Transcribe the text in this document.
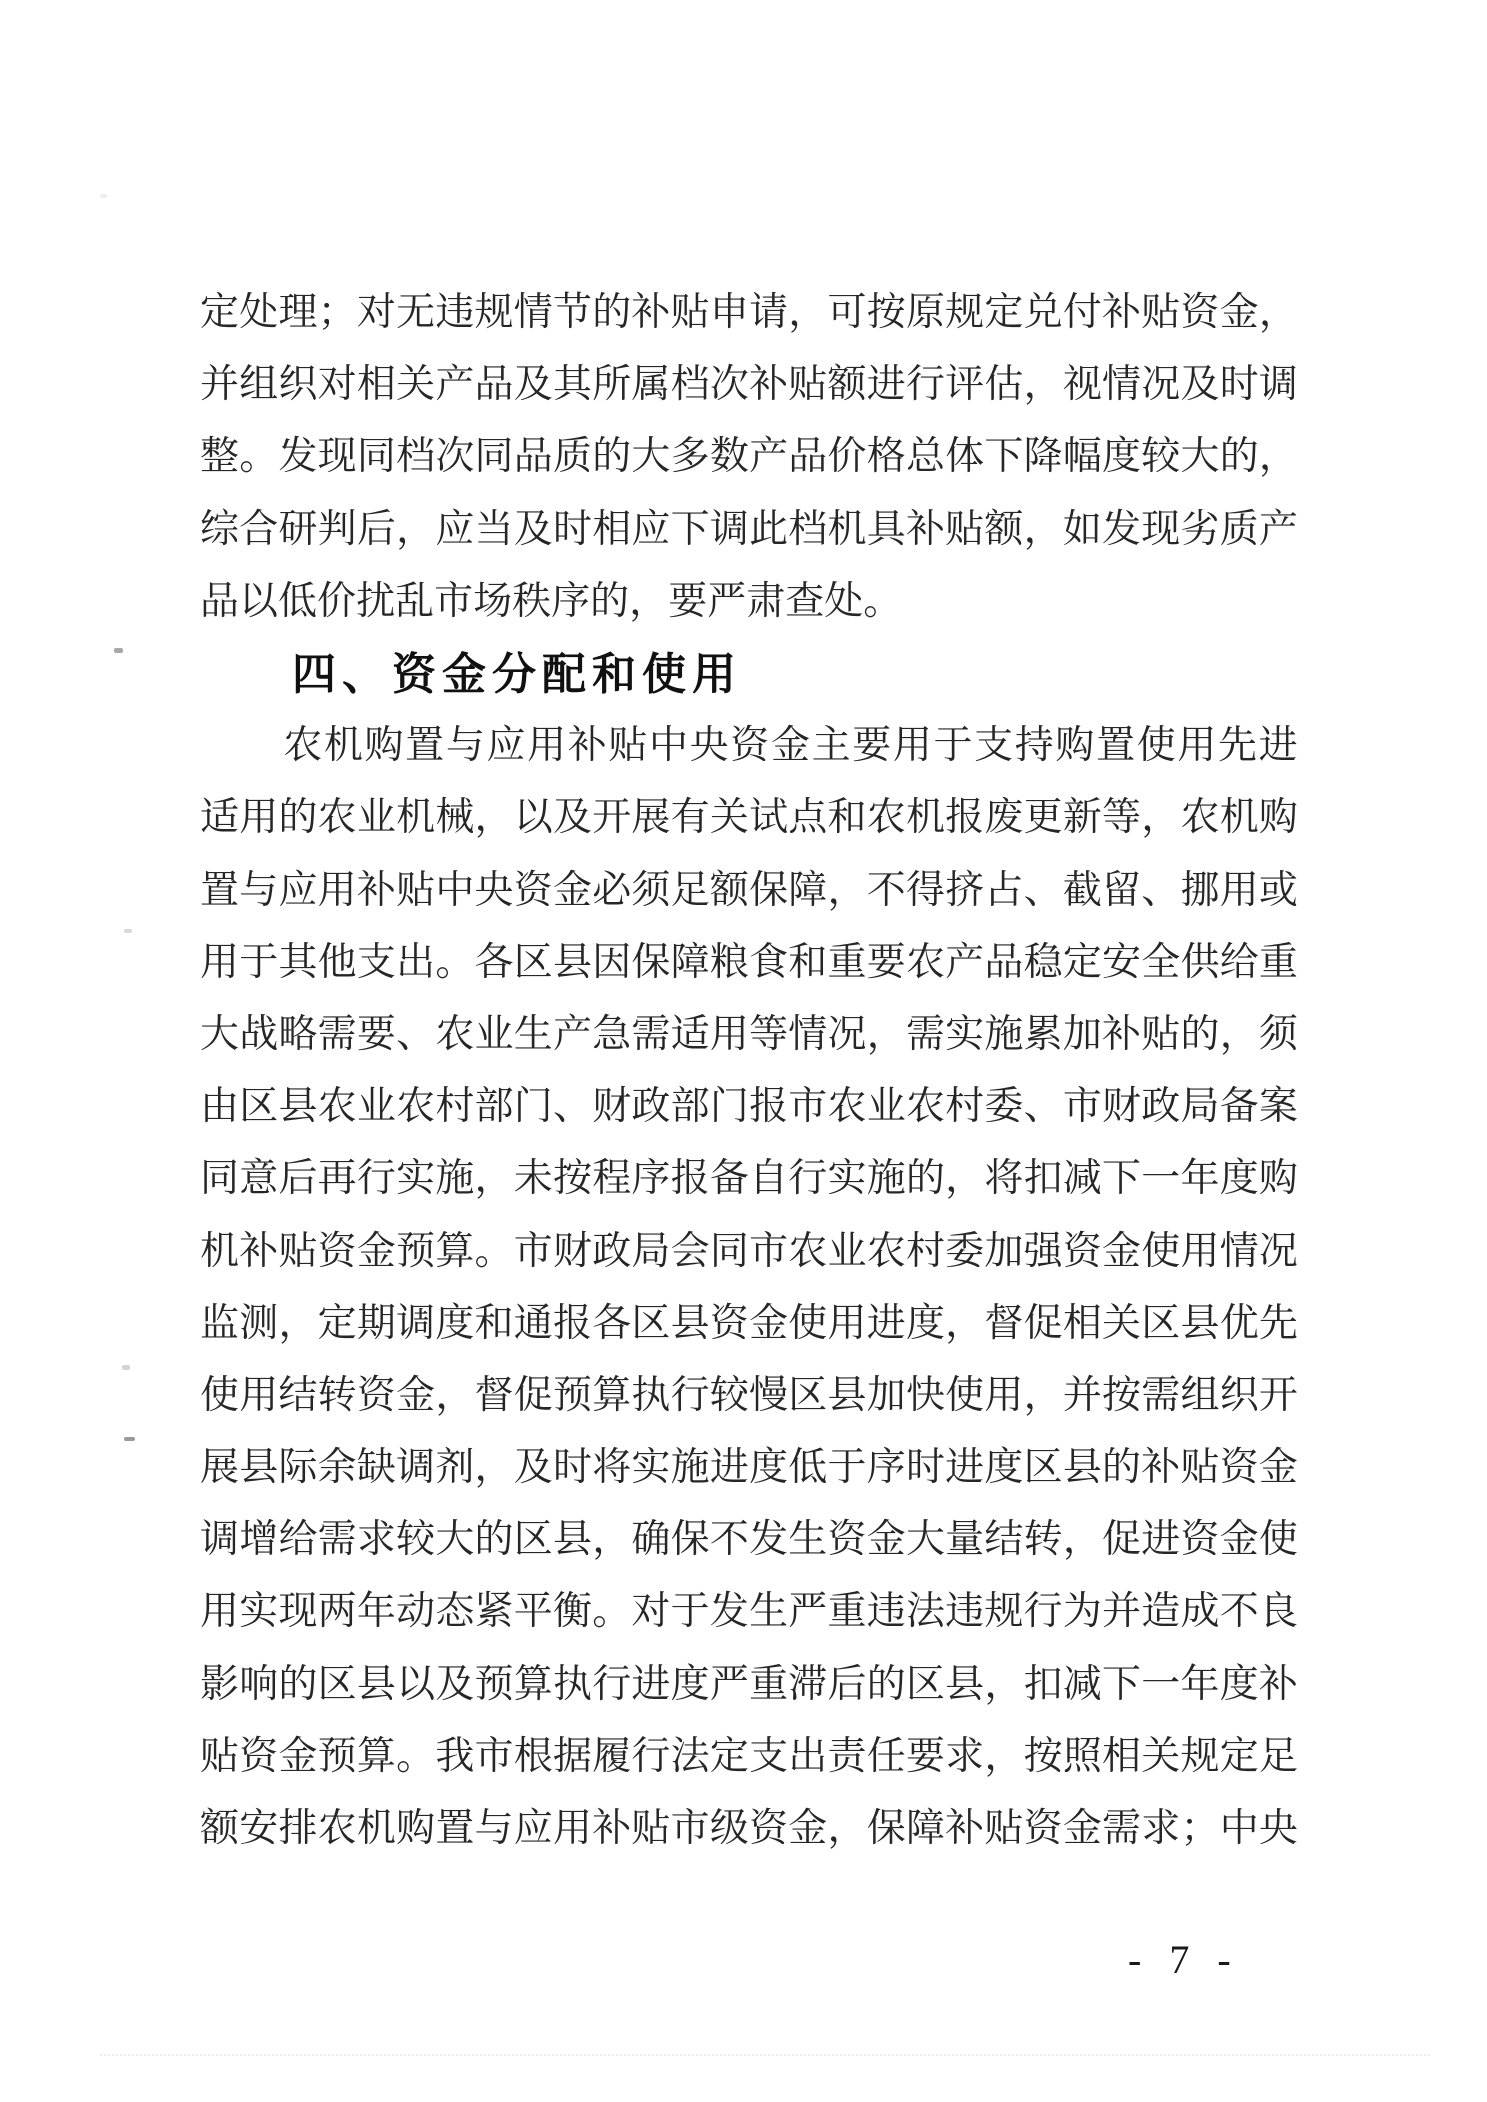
定 处 理 ； 对 无 违 规 情 节 的 补 贴 申 请 ， 可 按 原 规 定 兑 付 补 贴 资 金 ，
并 组 织 对 相 关 产 品 及 其 所 属 档 次 补 贴 额 进 行 评 估 ， 视 情 况 及 时 调
整 。 发 现 同 档 次 同 品 质 的 大 多 数 产 品 价 格 总 体 下 降 幅 度 较 大 的 ，
综 合 研 判 后 ， 应 当 及 时 相 应 下 调 此 档 机 具 补 贴 额 ， 如 发 现 劣 质 产
品 以 低 价 扰 乱 市 场 秩 序 的 ， 要 严 肃 查 处 。
四 、 资 金 分 配 和 使 用
农 机 购 置 与 应 用 补 贴 中 央 资 金 主 要 用 于 支 持 购 置 使 用 先 进
适 用 的 农 业 机 械 ， 以 及 开 展 有 关 试 点 和 农 机 报 废 更 新 等 ， 农 机 购
置 与 应 用 补 贴 中 央 资 金 必 须 足 额 保 障 ， 不 得 挤 占 、 截 留 、 挪 用 或
用 于 其 他 支 出 。 各 区 县 因 保 障 粮 食 和 重 要 农 产 品 稳 定 安 全 供 给 重
大 战 略 需 要 、 农 业 生 产 急 需 适 用 等 情 况 ， 需 实 施 累 加 补 贴 的 ， 须
由 区 县 农 业 农 村 部 门 、 财 政 部 门 报 市 农 业 农 村 委 、 市 财 政 局 备 案
同 意 后 再 行 实 施 ， 未 按 程 序 报 备 自 行 实 施 的 ， 将 扣 减 下 一 年 度 购
机 补 贴 资 金 预 算 。 市 财 政 局 会 同 市 农 业 农 村 委 加 强 资 金 使 用 情 况
监 测 ， 定 期 调 度 和 通 报 各 区 县 资 金 使 用 进 度 ， 督 促 相 关 区 县 优 先
使 用 结 转 资 金 ， 督 促 预 算 执 行 较 慢 区 县 加 快 使 用 ， 并 按 需 组 织 开
展 县 际 余 缺 调 剂 ， 及 时 将 实 施 进 度 低 于 序 时 进 度 区 县 的 补 贴 资 金
调 增 给 需 求 较 大 的 区 县 ， 确 保 不 发 生 资 金 大 量 结 转 ， 促 进 资 金 使
用 实 现 两 年 动 态 紧 平 衡 。 对 于 发 生 严 重 违 法 违 规 行 为 并 造 成 不 良
影 响 的 区 县 以 及 预 算 执 行 进 度 严 重 滞 后 的 区 县 ， 扣 减 下 一 年 度 补
贴 资 金 预 算 。 我 市 根 据 履 行 法 定 支 出 责 任 要 求 ， 按 照 相 关 规 定 足
额 安 排 农 机 购 置 与 应 用 补 贴 市 级 资 金 ， 保 障 补 贴 资 金 需 求 ； 中 央
- 7 -
